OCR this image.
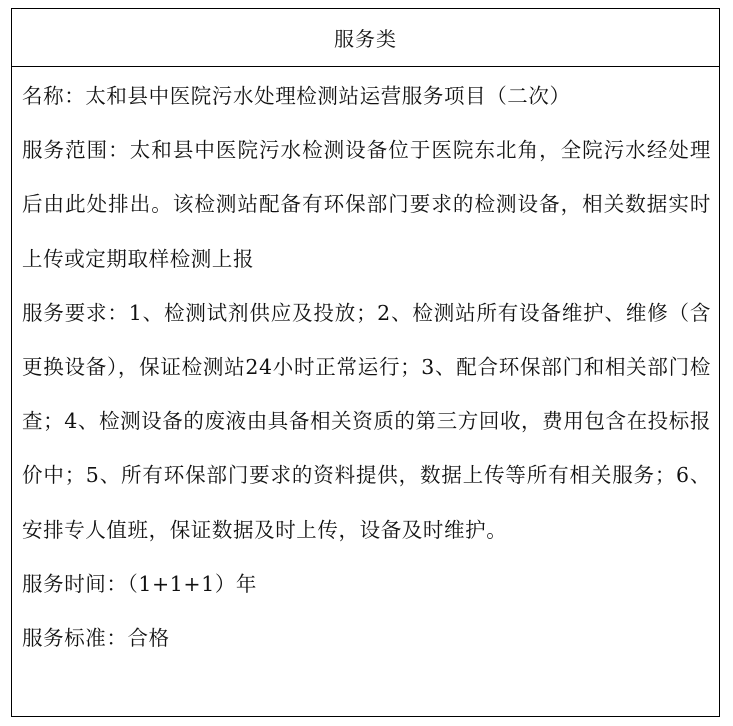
服务类

名称：太和县中医院污水处理检测站运营服务项目（二次）

服务范围：太和县中医院污水检测设备位于医院东北角，全院污水经处理后由此处排出。该检测站配备有环保部门要求的检测设备，相关数据实时上传或定期取样检测上报

服务要求：1、检测试剂供应及投放；2、检测站所有设备维护、维修（含更换设备），保证检测站24小时正常运行；3、配合环保部门和相关部门检查；4、检测设备的废液由具备相关资质的第三方回收，费用包含在投标报价中；5、所有环保部门要求的资料提供，数据上传等所有相关服务；6、安排专人值班，保证数据及时上传，设备及时维护。

服务时间：（1+1+1）年

服务标准：合格
